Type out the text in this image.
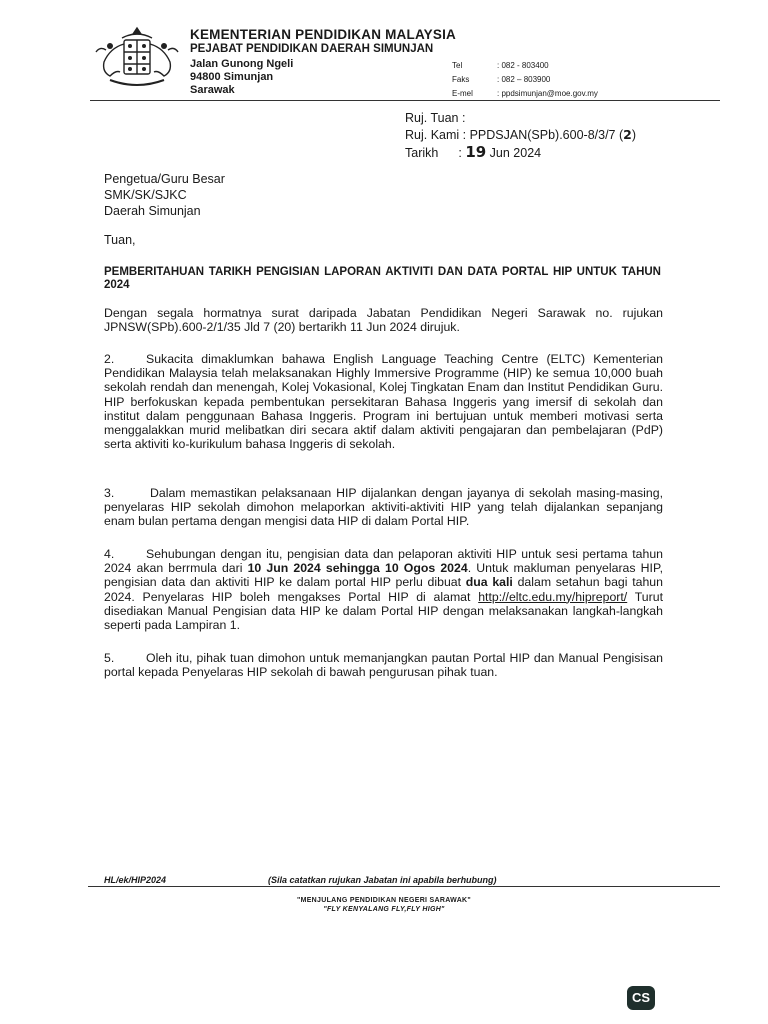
KEMENTERIAN PENDIDIKAN MALAYSIA
PEJABAT PENDIDIKAN DAERAH SIMUNJAN
Jalan Gunong Ngeli
94800 Simunjan
Sarawak
Tel	: 082 - 803400
Faks	: 082 – 803900
E-mel	: ppdsimunjan@moe.gov.my
Ruj. Tuan :
Ruj. Kami : PPDSJAN(SPb).600-8/3/7 (2)
Tarikh : 19 Jun 2024
Pengetua/Guru Besar
SMK/SK/SJKC
Daerah Simunjan
Tuan,
PEMBERITAHUAN TARIKH PENGISIAN LAPORAN AKTIVITI DAN DATA PORTAL HIP UNTUK TAHUN 2024
Dengan segala hormatnya surat daripada Jabatan Pendidikan Negeri Sarawak no. rujukan JPNSW(SPb).600-2/1/35 Jld 7 (20) bertarikh 11 Jun 2024 dirujuk.
2.	Sukacita dimaklumkan bahawa English Language Teaching Centre (ELTC) Kementerian Pendidikan Malaysia telah melaksanakan Highly Immersive Programme (HIP) ke semua 10,000 buah sekolah rendah dan menengah, Kolej Vokasional, Kolej Tingkatan Enam dan Institut Pendidikan Guru. HIP berfokuskan kepada pembentukan persekitaran Bahasa Inggeris yang imersif di sekolah dan institut dalam penggunaan Bahasa Inggeris. Program ini bertujuan untuk memberi motivasi serta menggalakkan murid melibatkan diri secara aktif dalam aktiviti pengajaran dan pembelajaran (PdP) serta aktiviti ko-kurikulum bahasa Inggeris di sekolah.
3.	Dalam memastikan pelaksanaan HIP dijalankan dengan jayanya di sekolah masing-masing, penyelaras HIP sekolah dimohon melaporkan aktiviti-aktiviti HIP yang telah dijalankan sepanjang enam bulan pertama dengan mengisi data HIP di dalam Portal HIP.
4.	Sehubungan dengan itu, pengisian data dan pelaporan aktiviti HIP untuk sesi pertama tahun 2024 akan berrmula dari 10 Jun 2024 sehingga 10 Ogos 2024. Untuk makluman penyelaras HIP, pengisian data dan aktiviti HIP ke dalam portal HIP perlu dibuat dua kali dalam setahun bagi tahun 2024. Penyelaras HIP boleh mengakses Portal HIP di alamat http://eltc.edu.my/hipreport/ Turut disediakan Manual Pengisian data HIP ke dalam Portal HIP dengan melaksanakan langkah-langkah seperti pada Lampiran 1.
5.	Oleh itu, pihak tuan dimohon untuk memanjangkan pautan Portal HIP dan Manual Pengisisan portal kepada Penyelaras HIP sekolah di bawah pengurusan pihak tuan.
HL/ek/HIP2024	(Sila catatkan rujukan Jabatan ini apabila berhubung)
"MENJULANG PENDIDIKAN NEGERI SARAWAK"
"FLY KENYALANG FLY,FLY HIGH"
CS
